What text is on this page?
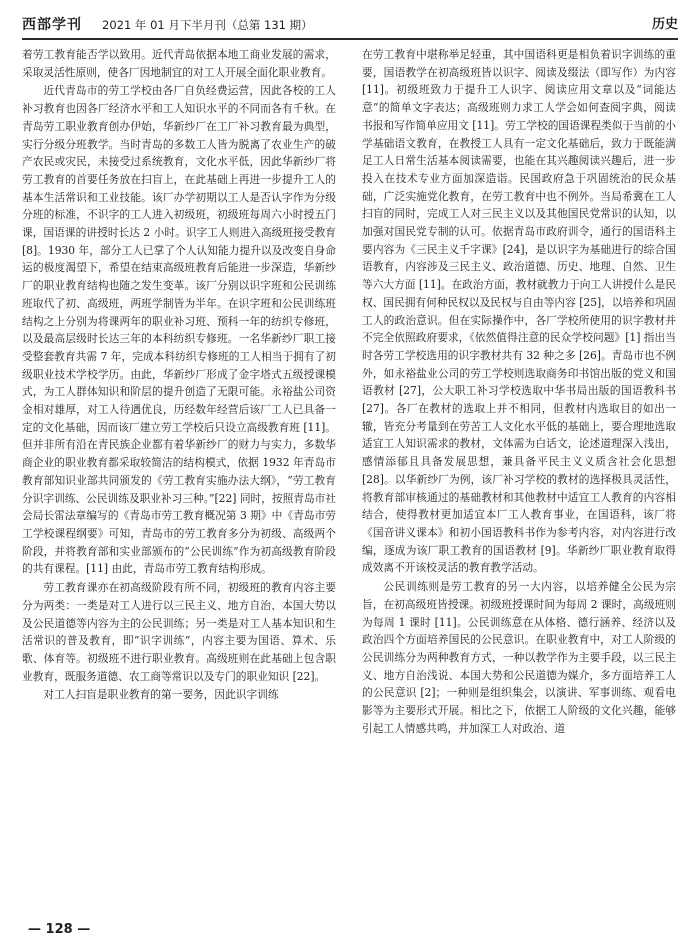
西部学刊 2021 年 01 月下半月刊（总第 131 期）	历史

着劳工教育能否学以致用。近代青岛依据本地工商业发展的需求，采取灵活性原则，使各厂因地制宜的对工人开展全面化职业教育。

近代青岛市的劳工学校由各厂自负经费运营，因此各校的工人补习教育也因各厂经济水平和工人知识水平的不同而各有千秋。在青岛劳工职业教育创办伊始，华新纱厂在工厂补习教育最为典型，实行分级分班教学。当时青岛的多数工人皆为脱离了农业生产的破产农民或灾民，未接受过系统教育，文化水平低，因此华新纱厂将劳工教育的首要任务放在扫盲上，在此基础上再进一步提升工人的基本生活常识和工业技能。该厂办学初期以工人是否认字作为分级分班的标准，不识字的工人进入初级班，初级班每周六小时授五门课，国语课的讲授时长达 2 小时。识字工人则进入高级班接受教育 [8]。1930 年，部分工人已掌了个人认知能力提升以及改变自身命运的极度渴望下，希望在结束高级班教育后能进一步深造，华新纱厂的职业教育结构也随之发生变革。该厂分别以识字班和公民训练班取代了初、高级班，两班学制皆为半年。在识字班和公民训练班结构之上分别为将课两年的职业补习班、预科一年的纺织专修班，以及最高层级时长达三年的本科纺织专修班。一名华新纱厂职工接受整套教育共需 7 年，完成本科纺织专修班的工人相当于拥有了初级职业技术学校学历。由此，华新纱厂形成了金字塔式五级授课模式，为工人群体知识和阶层的提升创造了无限可能。永裕盐公司资金相对雄厚，对工人待遇优良，历经数年经营后该厂工人已具备一定的文化基础，因而该厂建立劳工学校后只设立高级教育班 [11]。但并非所有沿在青民族企业都有着华新纱厂的财力与实力，多数华商企业的职业教育都采取较简洁的结构模式，依据 1932 年青岛市教育部知识业部共同颁发的《劳工教育实施办法大纲》，“劳工教育分识字训练、公民训练及职业补习三种。”[22] 同时，按照青岛市社会局长雷法章编写的《青岛市劳工教育概况第 3 期》中《青岛市劳工学校课程纲要》可知，青岛市的劳工教育多分为初级、高级两个阶段，并将教育部和实业部颁布的“公民训练”作为初高级教育阶段的共有课程。[11] 由此，青岛市劳工教育结构形成。

劳工教育课亦在初高级阶段有所不同，初级班的教育内容主要分为两类：一类是对工人进行以三民主义、地方自治、本国大势以及公民道德等内容为主的公民训练；另一类是对工人基本知识和生活常识的普及教育，即“识字训练”，内容主要为国语、算术、乐歌、体育等。初级班不进行职业教育。高级班则在此基础上包含职业教育，既服务道德、农工商等常识以及专门的职业知识 [22]。

对工人扫盲是职业教育的第一要务，因此识字训练

在劳工教育中堪称举足轻重，其中国语科更是相负着识字训练的重要，国语教学在初高级班皆以识字、阅读及缀法（即写作）为内容 [11]。初级班致力于提升工人识字、阅读应用文章以及“词能达意”的简单文字表达；高级班则力求工人学会如何查阅字典，阅读书报和写作简单应用文 [11]。劳工学校的国语课程类似于当前的小学基础语文教育，在教授工人具有一定文化基础后，致力于既能满足工人日常生活基本阅读需要，也能在其兴趣阅读兴趣后，进一步投入在技术专业方面加深造诣。民国政府急于巩固统治的民众基础，广泛实施党化教育，在劳工教育中也不例外。当局希冀在工人扫盲的同时，完成工人对三民主义以及其他国民党常识的认知，以加强对国民党专制的认可。依据青岛市政府训令，通行的国语科主要内容为《三民主义千字课》[24]，是以识字为基础进行的综合国语教育，内容涉及三民主义、政治道德、历史、地理、自然、卫生等六大方面 [11]。在政治方面，教材就教力于向工人讲授什么是民权、国民拥有何种民权以及民权与自由等内容 [25]，以培养和巩固工人的政治意识。但在实际操作中，各厂学校所使用的识字教材并不完全依照政府要求，《依然值得注意的民众学校问题》[1] 指出当时各劳工学校选用的识字教材共有 32 种之多 [26]。青岛市也不例外，如永裕盐业公司的劳工学校则选取商务印书馆出版的党义和国语教材 [27]，公大职工补习学校选取中华书局出版的国语教科书 [27]。各厂在教材的选取上并不相同，但教材内选取目的如出一辙，皆充分考量到在劳苦工人文化水平低的基础上，要合理地选取适宜工人知识需求的教材，文体需为白话文，论述道理深入浅出，感情添郁且具备发展思想，兼具备平民主义义质含社会化思想 [28]。以华新纱厂为例，该厂补习学校的教材的选择极具灵活性，将教育部审核通过的基础教材和其他教材中适宜工人教育的内容相结合，使得教材更加适宜本厂工人教育事业，在国语科，该厂将《国音讲义课本》和初小国语教科书作为参考内容，对内容进行改编，逐成为该厂职工教育的国语教材 [9]。华新纱厂职业教育取得成效离不开该校灵活的教育教学活动。

公民训练则是劳工教育的另一大内容，以培养健全公民为宗旨，在初高级班皆授课。初级班授课时间为每周 2 课时，高级班则为每周 1 课时 [11]。公民训练意在从体格、德行涵养、经济以及政治四个方面培养国民的公民意识。在职业教育中，对工人阶级的公民训练分为两种教育方式，一种以教学作为主要手段，以三民主义、地方自治浅说、本国大势和公民道德为媒介，多方面培养工人的公民意识 [2]；一种则是组织集会，以演讲、军事训练、观看电影等为主要形式开展。相比之下，依据工人阶级的文化兴趣，能够引起工人情感共鸣，并加深工人对政治、道

— 128 —
